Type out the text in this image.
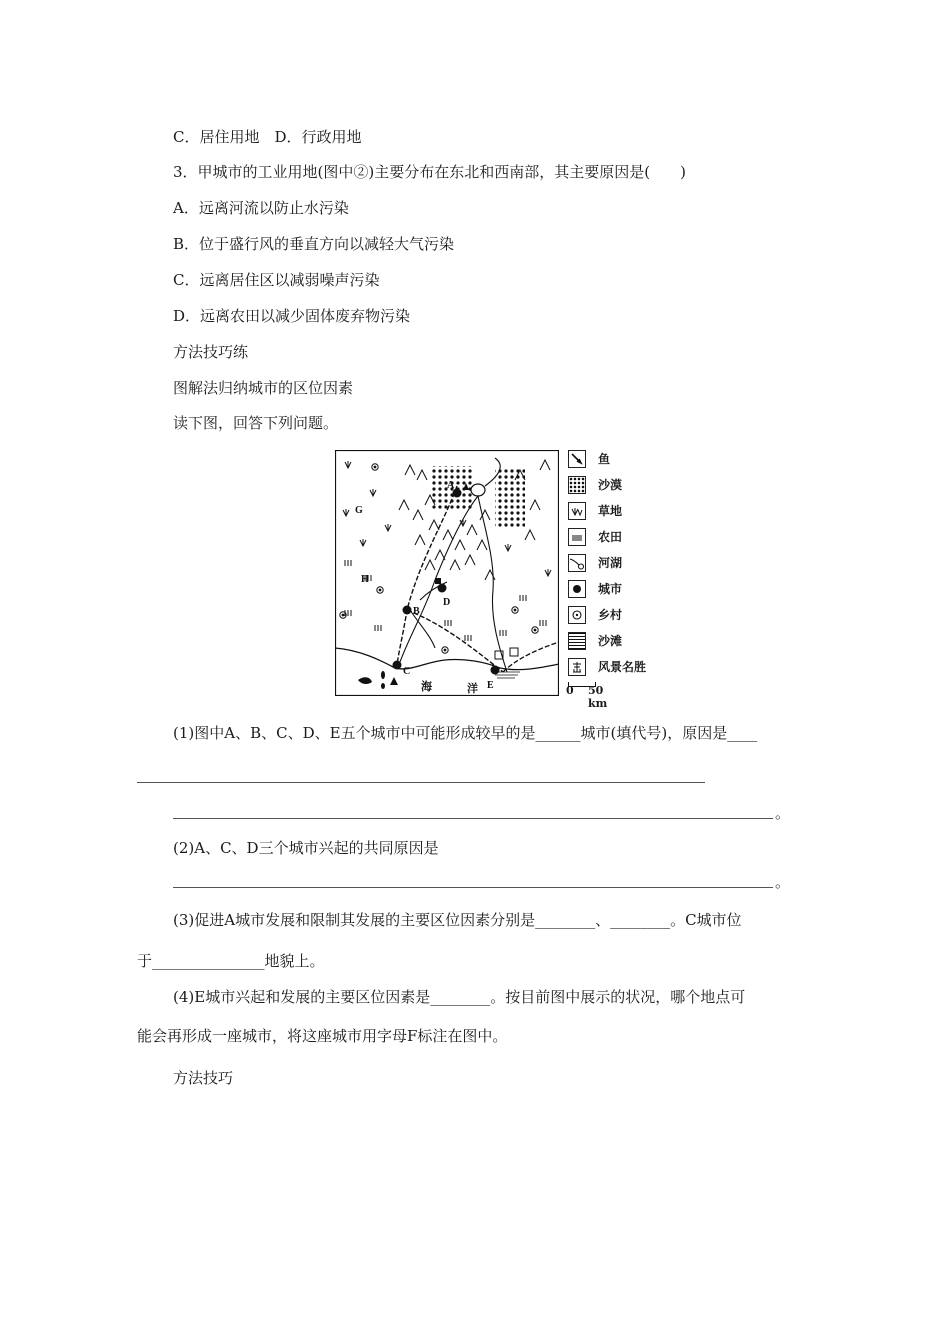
C．居住用地　D．行政用地
3．甲城市的工业用地(图中②)主要分布在东北和西南部，其主要原因是(　　)
A．远离河流以防止水污染
B．位于盛行风的垂直方向以减轻大气污染
C．远离居住区以减弱噪声污染
D．远离农田以减少固体废弃物污染
方法技巧练
图解法归纳城市的区位因素
读下图，回答下列问题。
A
B
C
D
E
G
H
海	洋
鱼
沙漠
草地
农田
河湖
城市
乡村
沙滩
风景名胜
0 50 km
(1)图中A、B、C、D、E五个城市中可能形成较早的是______城市(填代号)，原因是____
。
(2)A、C、D三个城市兴起的共同原因是
。
(3)促进A城市发展和限制其发展的主要区位因素分别是________、________。C城市位
于_______________地貌上。
(4)E城市兴起和发展的主要区位因素是________。按目前图中展示的状况，哪个地点可
能会再形成一座城市，将这座城市用字母F标注在图中。
方法技巧
